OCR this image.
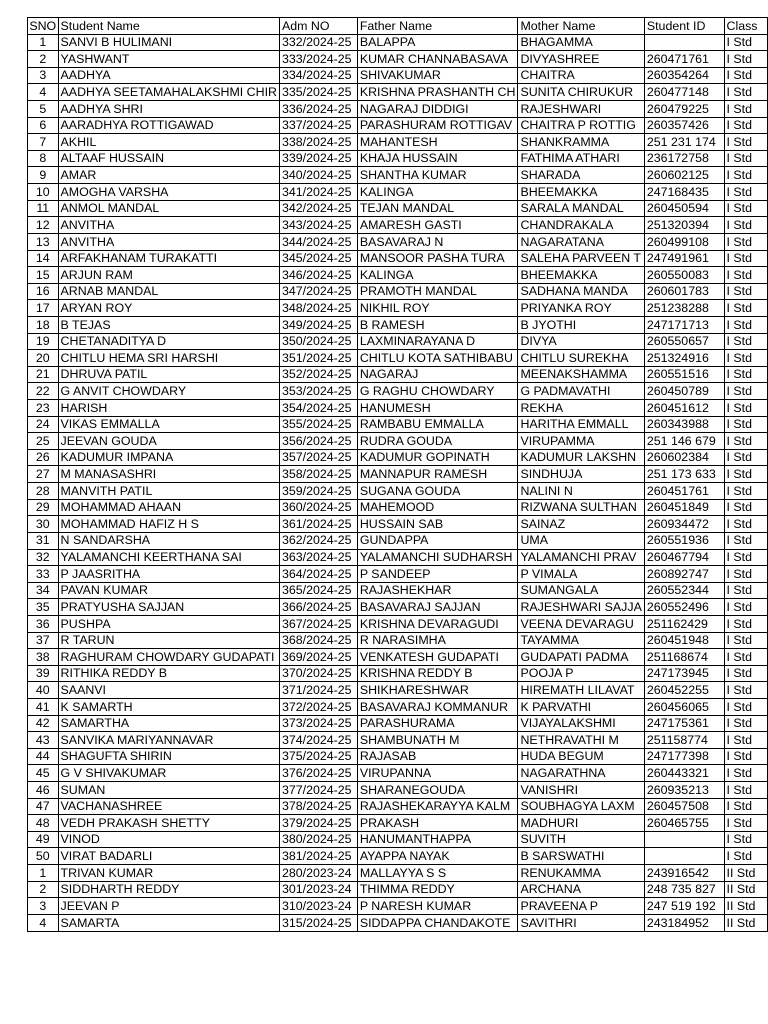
SNO	Student Name	Adm NO	Father Name	Mother Name	Student ID	Class
1	SANVI B HULIMANI	332/2024-25	BALAPPA	BHAGAMMA		I Std
2	YASHWANT	333/2024-25	KUMAR CHANNABASAVA	DIVYASHREE	260471761	I Std
3	AADHYA	334/2024-25	SHIVAKUMAR	CHAITRA	260354264	I Std
4	AADHYA SEETAMAHALAKSHMI CHIR	335/2024-25	KRISHNA PRASHANTH CH	SUNITA CHIRUKUR	260477148	I Std
5	AADHYA SHRI	336/2024-25	NAGARAJ DIDDIGI	RAJESHWARI	260479225	I Std
6	AARADHYA ROTTIGAWAD	337/2024-25	PARASHURAM ROTTIGAV	CHAITRA P ROTTIG	260357426	I Std
7	AKHIL	338/2024-25	MAHANTESH	SHANKRAMMA	251 231 174	I Std
8	ALTAAF HUSSAIN	339/2024-25	KHAJA HUSSAIN	FATHIMA ATHARI	236172758	I Std
9	AMAR	340/2024-25	SHANTHA KUMAR	SHARADA	260602125	I Std
10	AMOGHA VARSHA	341/2024-25	KALINGA	BHEEMAKKA	247168435	I Std
11	ANMOL MANDAL	342/2024-25	TEJAN MANDAL	SARALA MANDAL	260450594	I Std
12	ANVITHA	343/2024-25	AMARESH GASTI	CHANDRAKALA	251320394	I Std
13	ANVITHA	344/2024-25	BASAVARAJ N	NAGARATANA	260499108	I Std
14	ARFAKHANAM TURAKATTI	345/2024-25	MANSOOR PASHA TURA	SALEHA PARVEEN T	247491961	I Std
15	ARJUN RAM	346/2024-25	KALINGA	BHEEMAKKA	260550083	I Std
16	ARNAB MANDAL	347/2024-25	PRAMOTH MANDAL	SADHANA MANDA	260601783	I Std
17	ARYAN ROY	348/2024-25	NIKHIL ROY	PRIYANKA ROY	251238288	I Std
18	B TEJAS	349/2024-25	B RAMESH	B JYOTHI	247171713	I Std
19	CHETANADITYA D	350/2024-25	LAXMINARAYANA D	DIVYA	260550657	I Std
20	CHITLU HEMA SRI HARSHI	351/2024-25	CHITLU KOTA SATHIBABU	CHITLU SUREKHA	251324916	I Std
21	DHRUVA PATIL	352/2024-25	NAGARAJ	MEENAKSHAMMA	260551516	I Std
22	G ANVIT CHOWDARY	353/2024-25	G RAGHU CHOWDARY	G PADMAVATHI	260450789	I Std
23	HARISH	354/2024-25	HANUMESH	REKHA	260451612	I Std
24	VIKAS EMMALLA	355/2024-25	RAMBABU EMMALLA	HARITHA EMMALL	260343988	I Std
25	JEEVAN GOUDA	356/2024-25	RUDRA GOUDA	VIRUPAMMA	251 146 679	I Std
26	KADUMUR IMPANA	357/2024-25	KADUMUR GOPINATH	KADUMUR LAKSHN	260602384	I Std
27	M MANASASHRI	358/2024-25	MANNAPUR RAMESH	SINDHUJA	251 173 633	I Std
28	MANVITH PATIL	359/2024-25	SUGANA GOUDA	NALINI N	260451761	I Std
29	MOHAMMAD AHAAN	360/2024-25	MAHEMOOD	RIZWANA SULTHAN	260451849	I Std
30	MOHAMMAD HAFIZ H S	361/2024-25	HUSSAIN SAB	SAINAZ	260934472	I Std
31	N SANDARSHA	362/2024-25	GUNDAPPA	UMA	260551936	I Std
32	YALAMANCHI KEERTHANA SAI	363/2024-25	YALAMANCHI SUDHARSH	YALAMANCHI PRAV	260467794	I Std
33	P JAASRITHA	364/2024-25	P SANDEEP	P VIMALA	260892747	I Std
34	PAVAN KUMAR	365/2024-25	RAJASHEKHAR	SUMANGALA	260552344	I Std
35	PRATYUSHA SAJJAN	366/2024-25	BASAVARAJ SAJJAN	RAJESHWARI SAJJA	260552496	I Std
36	PUSHPA	367/2024-25	KRISHNA DEVARAGUDI	VEENA DEVARAGU	251162429	I Std
37	R TARUN	368/2024-25	R NARASIMHA	TAYAMMA	260451948	I Std
38	RAGHURAM CHOWDARY GUDAPATI	369/2024-25	VENKATESH GUDAPATI	GUDAPATI PADMA	251168674	I Std
39	RITHIKA REDDY B	370/2024-25	KRISHNA REDDY B	POOJA P	247173945	I Std
40	SAANVI	371/2024-25	SHIKHARESHWAR	HIREMATH LILAVAT	260452255	I Std
41	K SAMARTH	372/2024-25	BASAVARAJ KOMMANUR	K PARVATHI	260456065	I Std
42	SAMARTHA	373/2024-25	PARASHURAMA	VIJAYALAKSHMI	247175361	I Std
43	SANVIKA MARIYANNAVAR	374/2024-25	SHAMBUNATH M	NETHRAVATHI M	251158774	I Std
44	SHAGUFTA SHIRIN	375/2024-25	RAJASAB	HUDA BEGUM	247177398	I Std
45	G V SHIVAKUMAR	376/2024-25	VIRUPANNA	NAGARATHNA	260443321	I Std
46	SUMAN	377/2024-25	SHARANEGOUDA	VANISHRI	260935213	I Std
47	VACHANASHREE	378/2024-25	RAJASHEKARAYYA KALM	SOUBHAGYA LAXM	260457508	I Std
48	VEDH PRAKASH SHETTY	379/2024-25	PRAKASH	MADHURI	260465755	I Std
49	VINOD	380/2024-25	HANUMANTHAPPA	SUVITH		I Std
50	VIRAT BADARLI	381/2024-25	AYAPPA NAYAK	B SARSWATHI		I Std
1	TRIVAN KUMAR	280/2023-24	MALLAYYA S S	RENUKAMMA	243916542	II Std
2	SIDDHARTH REDDY	301/2023-24	THIMMA REDDY	ARCHANA	248 735 827	II Std
3	JEEVAN P	310/2023-24	P NARESH KUMAR	PRAVEENA P	247 519 192	II Std
4	SAMARTA	315/2024-25	SIDDAPPA CHANDAKOTE	SAVITHRI	243184952	II Std
